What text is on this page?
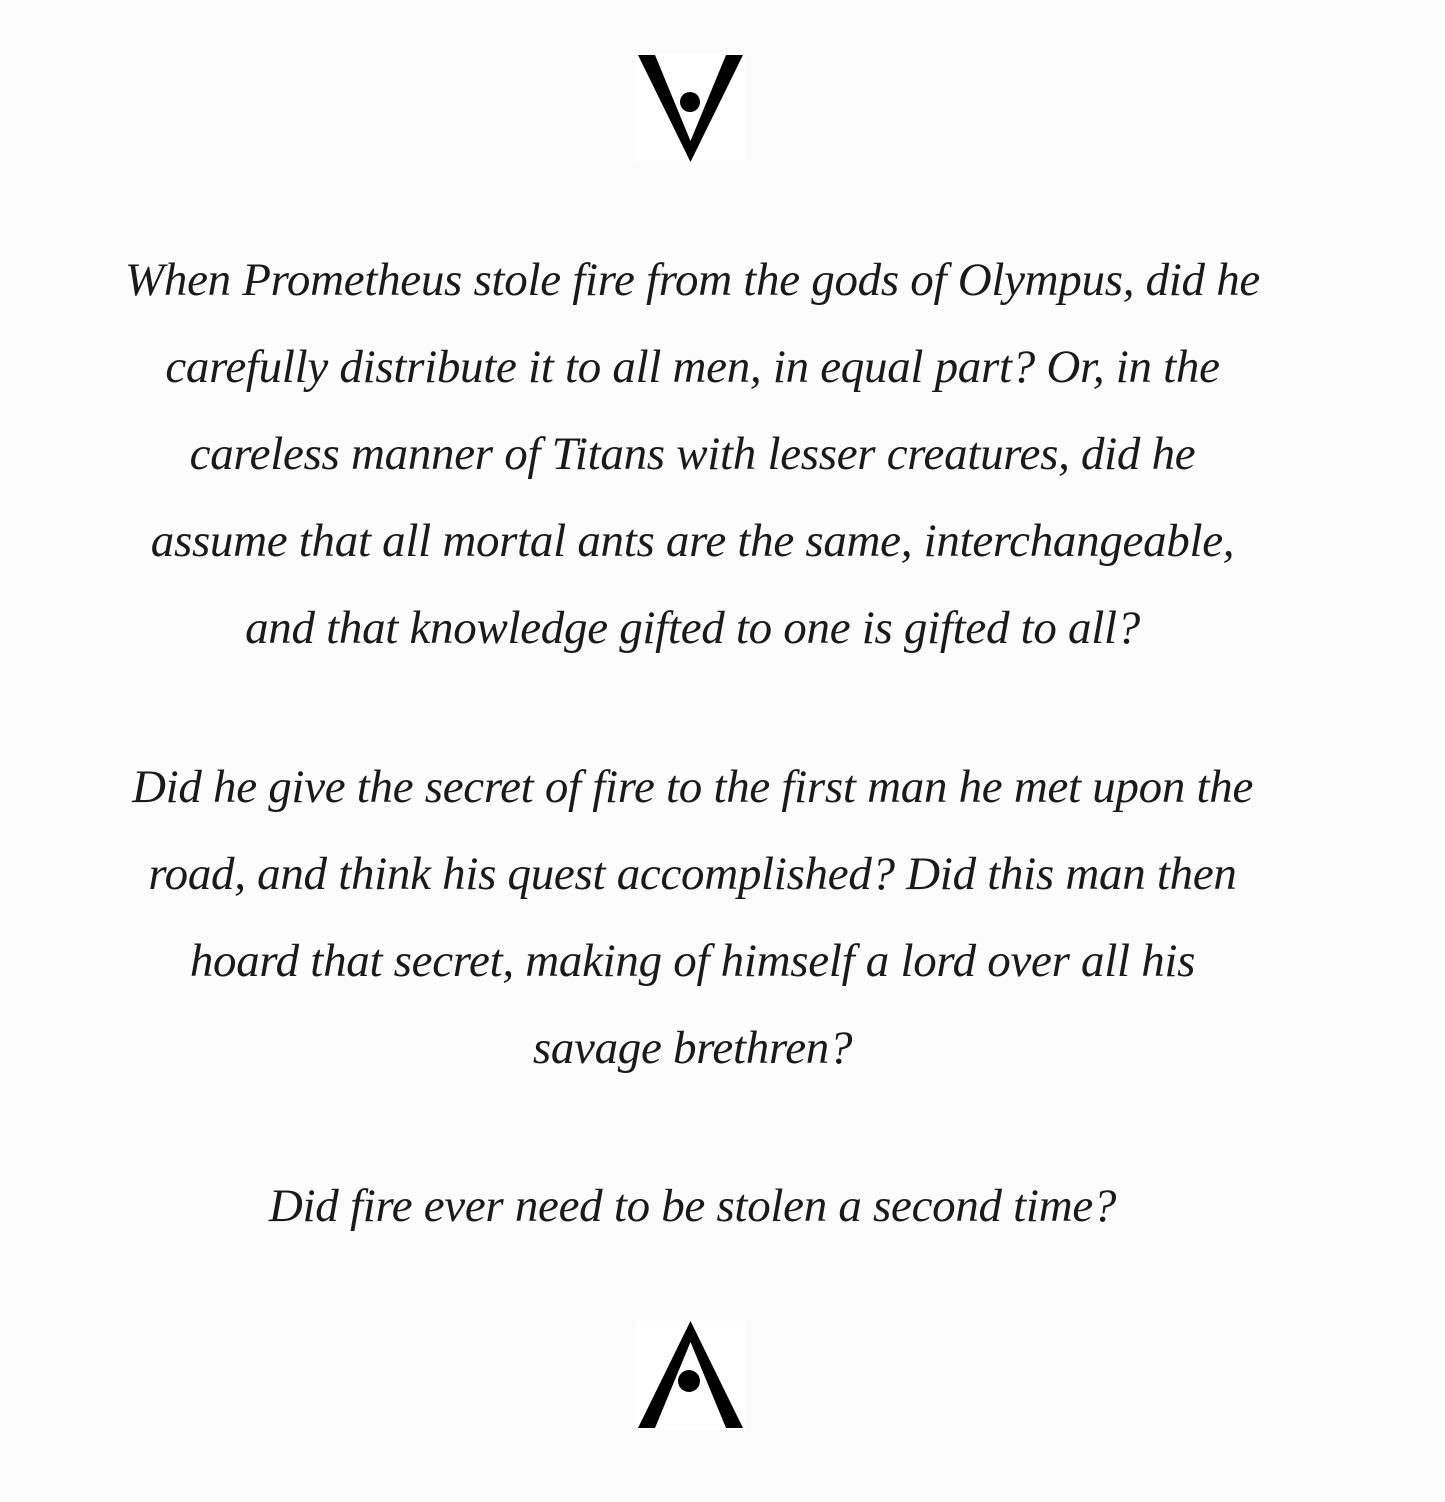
When Prometheus stole fire from the gods of Olympus, did he carefully distribute it to all men, in equal part? Or, in the careless manner of Titans with lesser creatures, did he assume that all mortal ants are the same, interchangeable, and that knowledge gifted to one is gifted to all?

Did he give the secret of fire to the first man he met upon the road, and think his quest accomplished? Did this man then hoard that secret, making of himself a lord over all his savage brethren?

Did fire ever need to be stolen a second time?
